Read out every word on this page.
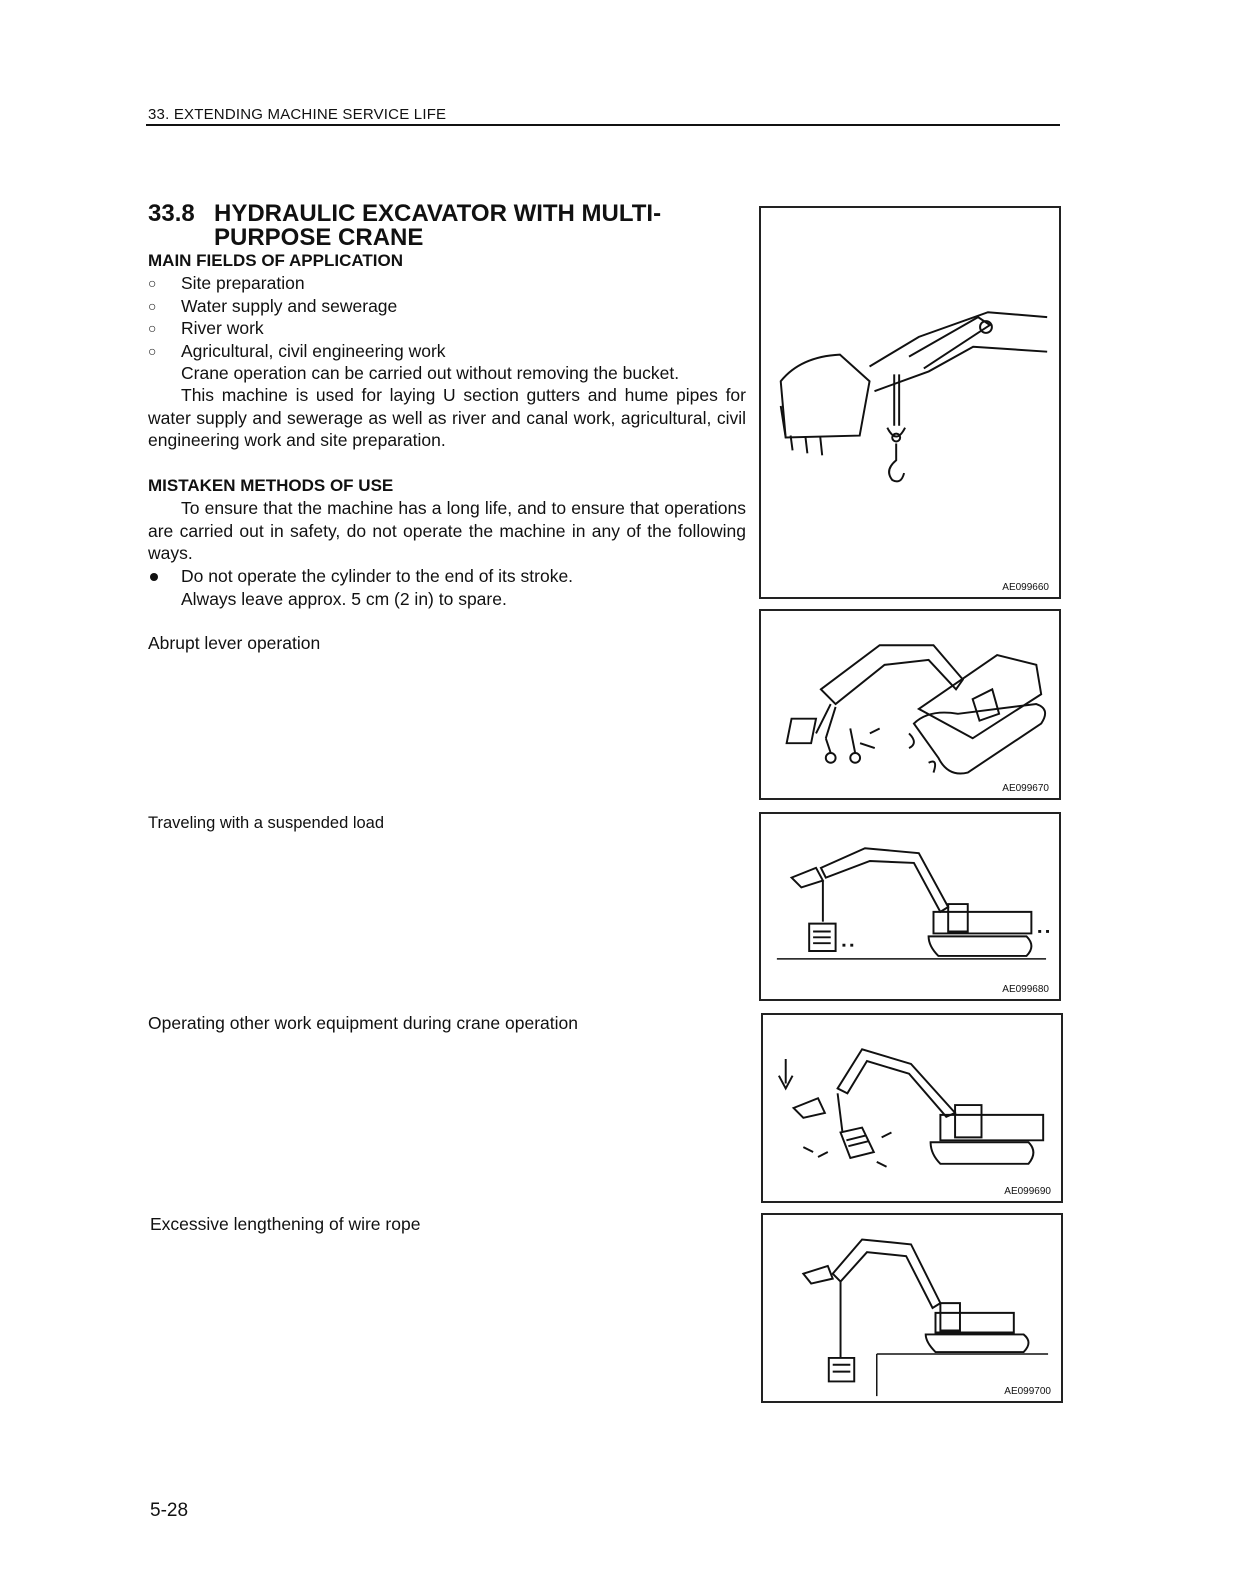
33. EXTENDING MACHINE SERVICE LIFE
33.8 HYDRAULIC EXCAVATOR WITH MULTI-
PURPOSE CRANE
MAIN FIELDS OF APPLICATION
○	Site preparation
○	Water supply and sewerage
○	River work
○	Agricultural, civil engineering work
Crane operation can be carried out without removing the bucket.
This machine is used for laying U section gutters and hume pipes for water supply and sewerage as well as river and canal work, agricultural, civil engineering work and site preparation.
MISTAKEN METHODS OF USE
To ensure that the machine has a long life, and to ensure that operations are carried out in safety, do not operate the machine in any of the following ways.
Do not operate the cylinder to the end of its stroke.
Always leave approx. 5 cm (2 in) to spare.
Abrupt lever operation
Traveling with a suspended load
Operating other work equipment during crane operation
Excessive lengthening of wire rope
AE099660
AE099670
AE099680
AE099690
AE099700
5-28
